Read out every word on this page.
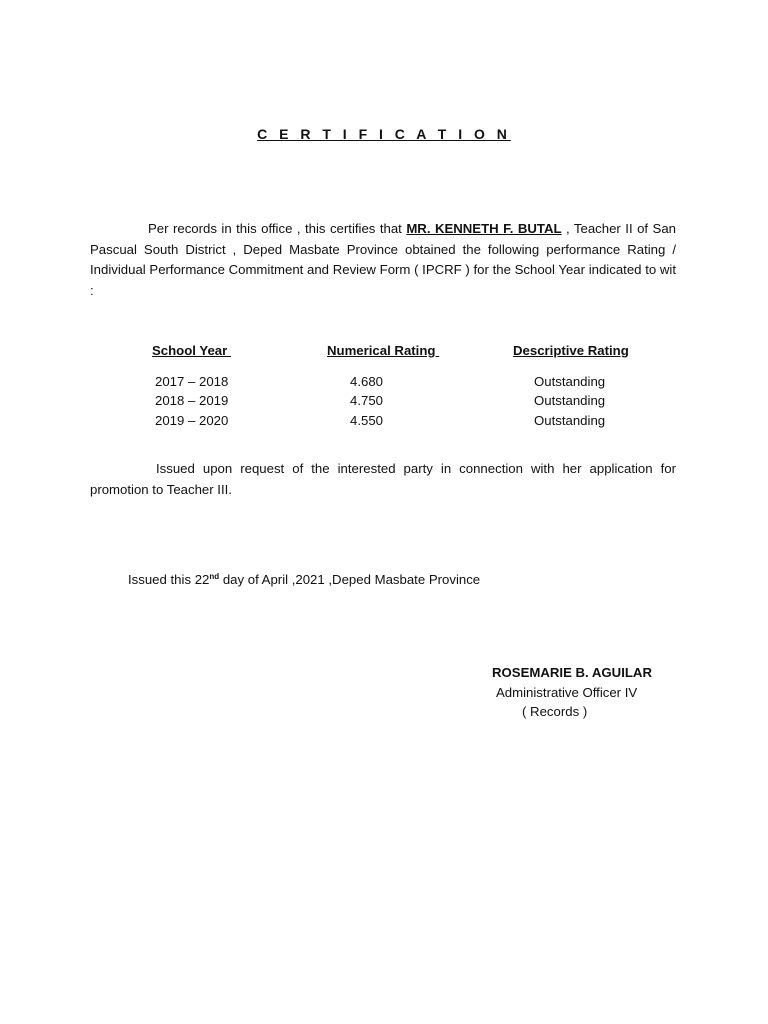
C E R T I F I C A T I O N

Per records in this office , this certifies that MR. KENNETH F. BUTAL , Teacher II of San Pascual South District , Deped Masbate Province obtained the following performance Rating / Individual Performance Commitment and Review Form ( IPCRF ) for the School Year indicated to wit :

School Year	Numerical Rating	Descriptive Rating
2017 – 2018	4.680	Outstanding
2018 – 2019	4.750	Outstanding
2019 – 2020	4.550	Outstanding

Issued upon request of the interested party in connection with her application for promotion to Teacher III.

Issued this 22nd day of April ,2021 ,Deped Masbate Province
ROSEMARIE B. AGUILAR
Administrative Officer IV
( Records )
